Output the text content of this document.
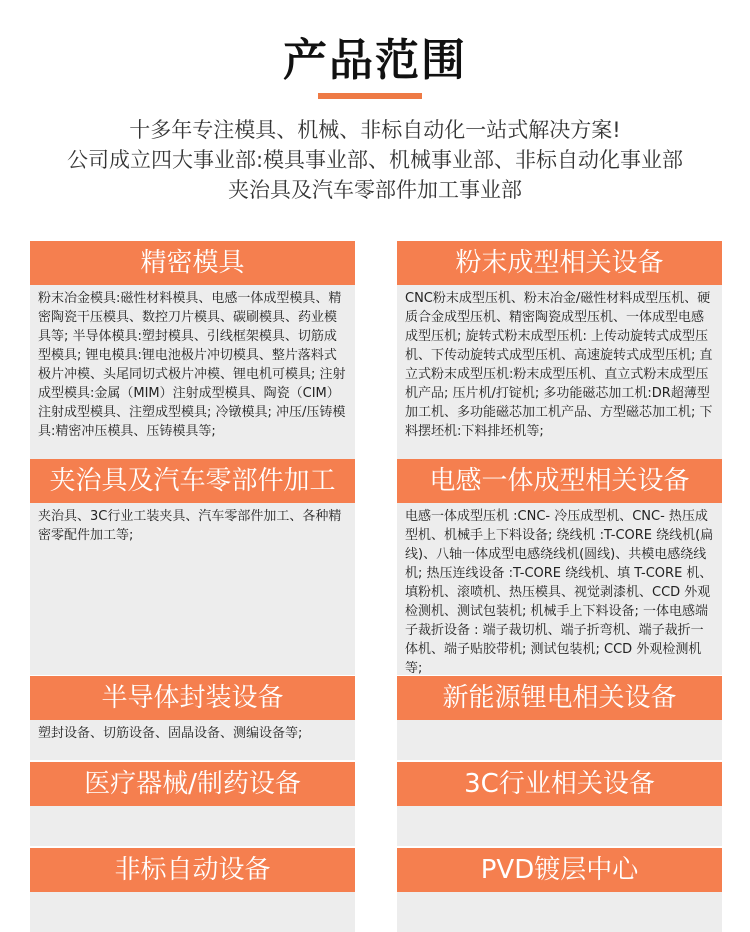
产品范围
十多年专注模具、机械、非标自动化一站式解决方案!
公司成立四大事业部:模具事业部、机械事业部、非标自动化事业部
夹治具及汽车零部件加工事业部
精密模具
粉末冶金模具:磁性材料模具、电感一体成型模具、精密陶瓷干压模具、数控刀片模具、碳刷模具、药业模具等; 半导体模具:塑封模具、引线框架模具、切筋成型模具; 锂电模具:锂电池极片冲切模具、整片落料式极片冲模、头尾同切式极片冲模、锂电机可模具; 注射成型模具:金属（MIM）注射成型模具、陶瓷（CIM）注射成型模具、注塑成型模具; 冷镦模具; 冲压/压铸模具:精密冲压模具、压铸模具等;
粉末成型相关设备
CNC粉末成型压机、粉末冶金/磁性材料成型压机、硬质合金成型压机、精密陶瓷成型压机、一体成型电感成型压机; 旋转式粉末成型压机: 上传动旋转式成型压机、下传动旋转式成型压机、高速旋转式成型压机; 直立式粉末成型压机:粉末成型压机、直立式粉末成型压机产品; 压片机/打锭机; 多功能磁芯加工机:DR超薄型加工机、多功能磁芯加工机产品、方型磁芯加工机; 下料摆坯机:下料排坯机等;
夹治具及汽车零部件加工
夹治具、3C行业工装夹具、汽车零部件加工、各种精密零配件加工等;
电感一体成型相关设备
电感一体成型压机 :CNC- 冷压成型机、CNC- 热压成型机、机械手上下料设备; 绕线机 :T-CORE 绕线机(扁线)、八轴一体成型电感绕线机(圆线)、共模电感绕线机; 热压连线设备 :T-CORE 绕线机、填 T-CORE 机、填粉机、滚喷机、热压模具、视觉剥漆机、CCD 外观检测机、测试包装机; 机械手上下料设备; 一体电感端子裁折设备 : 端子裁切机、端子折弯机、端子裁折一体机、端子贴胶带机; 测试包装机; CCD 外观检测机等;
半导体封装设备
塑封设备、切筋设备、固晶设备、测编设备等;
新能源锂电相关设备
医疗器械/制药设备	3C行业相关设备
非标自动设备	PVD镀层中心
